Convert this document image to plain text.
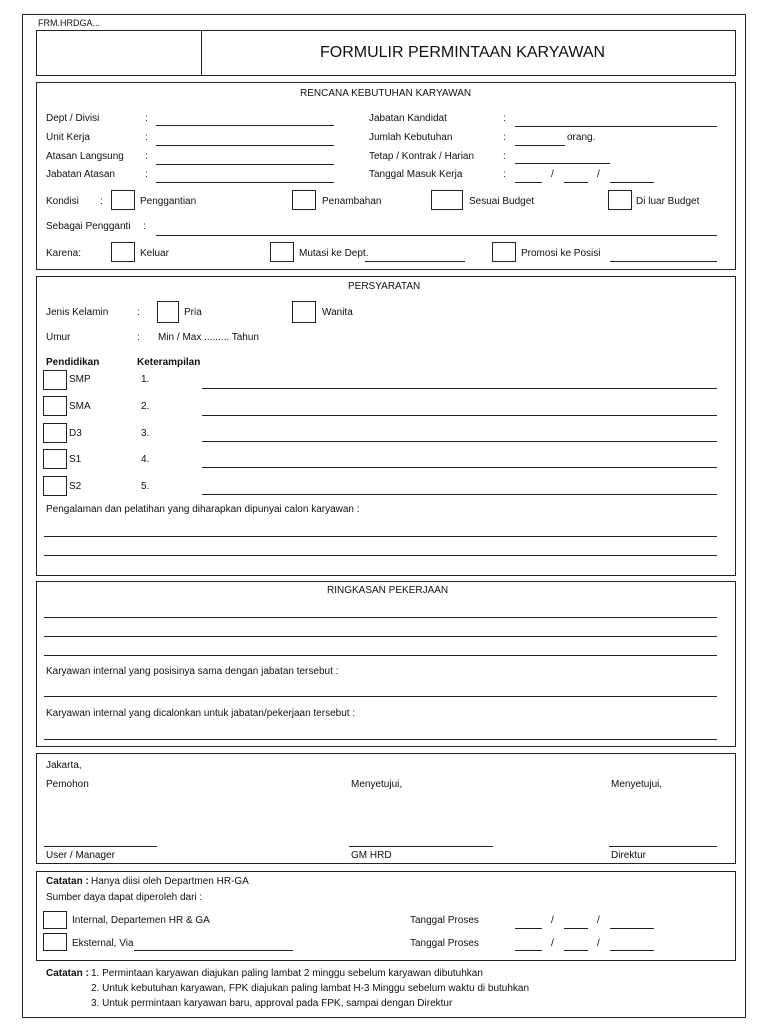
FRM.HRDGA...
FORMULIR PERMINTAAN KARYAWAN
RENCANA KEBUTUHAN KARYAWAN
Dept / Divisi	:
Unit Kerja	:
Atasan Langsung :
Jabatan Atasan	:
Jabatan Kandidat	:
Jumlah Kebutuhan	:	orang.
Tetap / Kontrak / Harian	:
Tanggal Masuk Kerja	:	/	/
Kondisi :	Penggantian	Penambahan	Sesuai Budget	Di luar Budget
Sebagai Pengganti :
Karena:	Keluar	Mutasi ke Dept.	Promosi ke Posisi
PERSYARATAN
Jenis Kelamin	:	Pria	Wanita
Umur	: Min / Max ......... Tahun
Pendidikan	Keterampilan
SMP	1.
SMA	2.
D3	3.
S1	4.
S2	5.
Pengalaman dan pelatihan yang diharapkan dipunyai calon karyawan :
RINGKASAN PEKERJAAN
Karyawan internal yang posisinya sama dengan jabatan tersebut :
Karyawan internal yang dicalonkan untuk jabatan/pekerjaan tersebut :
Jakarta,
Pemohon	Menyetujui,	Menyetujui,
User / Manager	GM HRD	Direktur
Catatan : Hanya diisi oleh Departmen HR-GA
Sumber daya dapat diperoleh dari :
Internal, Departemen HR & GA	Tanggal Proses	/	/
Eksternal, Via	Tanggal Proses	/	/
Catatan : 1. Permintaan karyawan diajukan paling lambat 2 minggu sebelum karyawan dibutuhkan
2. Untuk kebutuhan karyawan, FPK diajukan paling lambat H-3 Minggu sebelum waktu di butuhkan
3. Untuk permintaan karyawan baru, approval pada FPK, sampai dengan Direktur
